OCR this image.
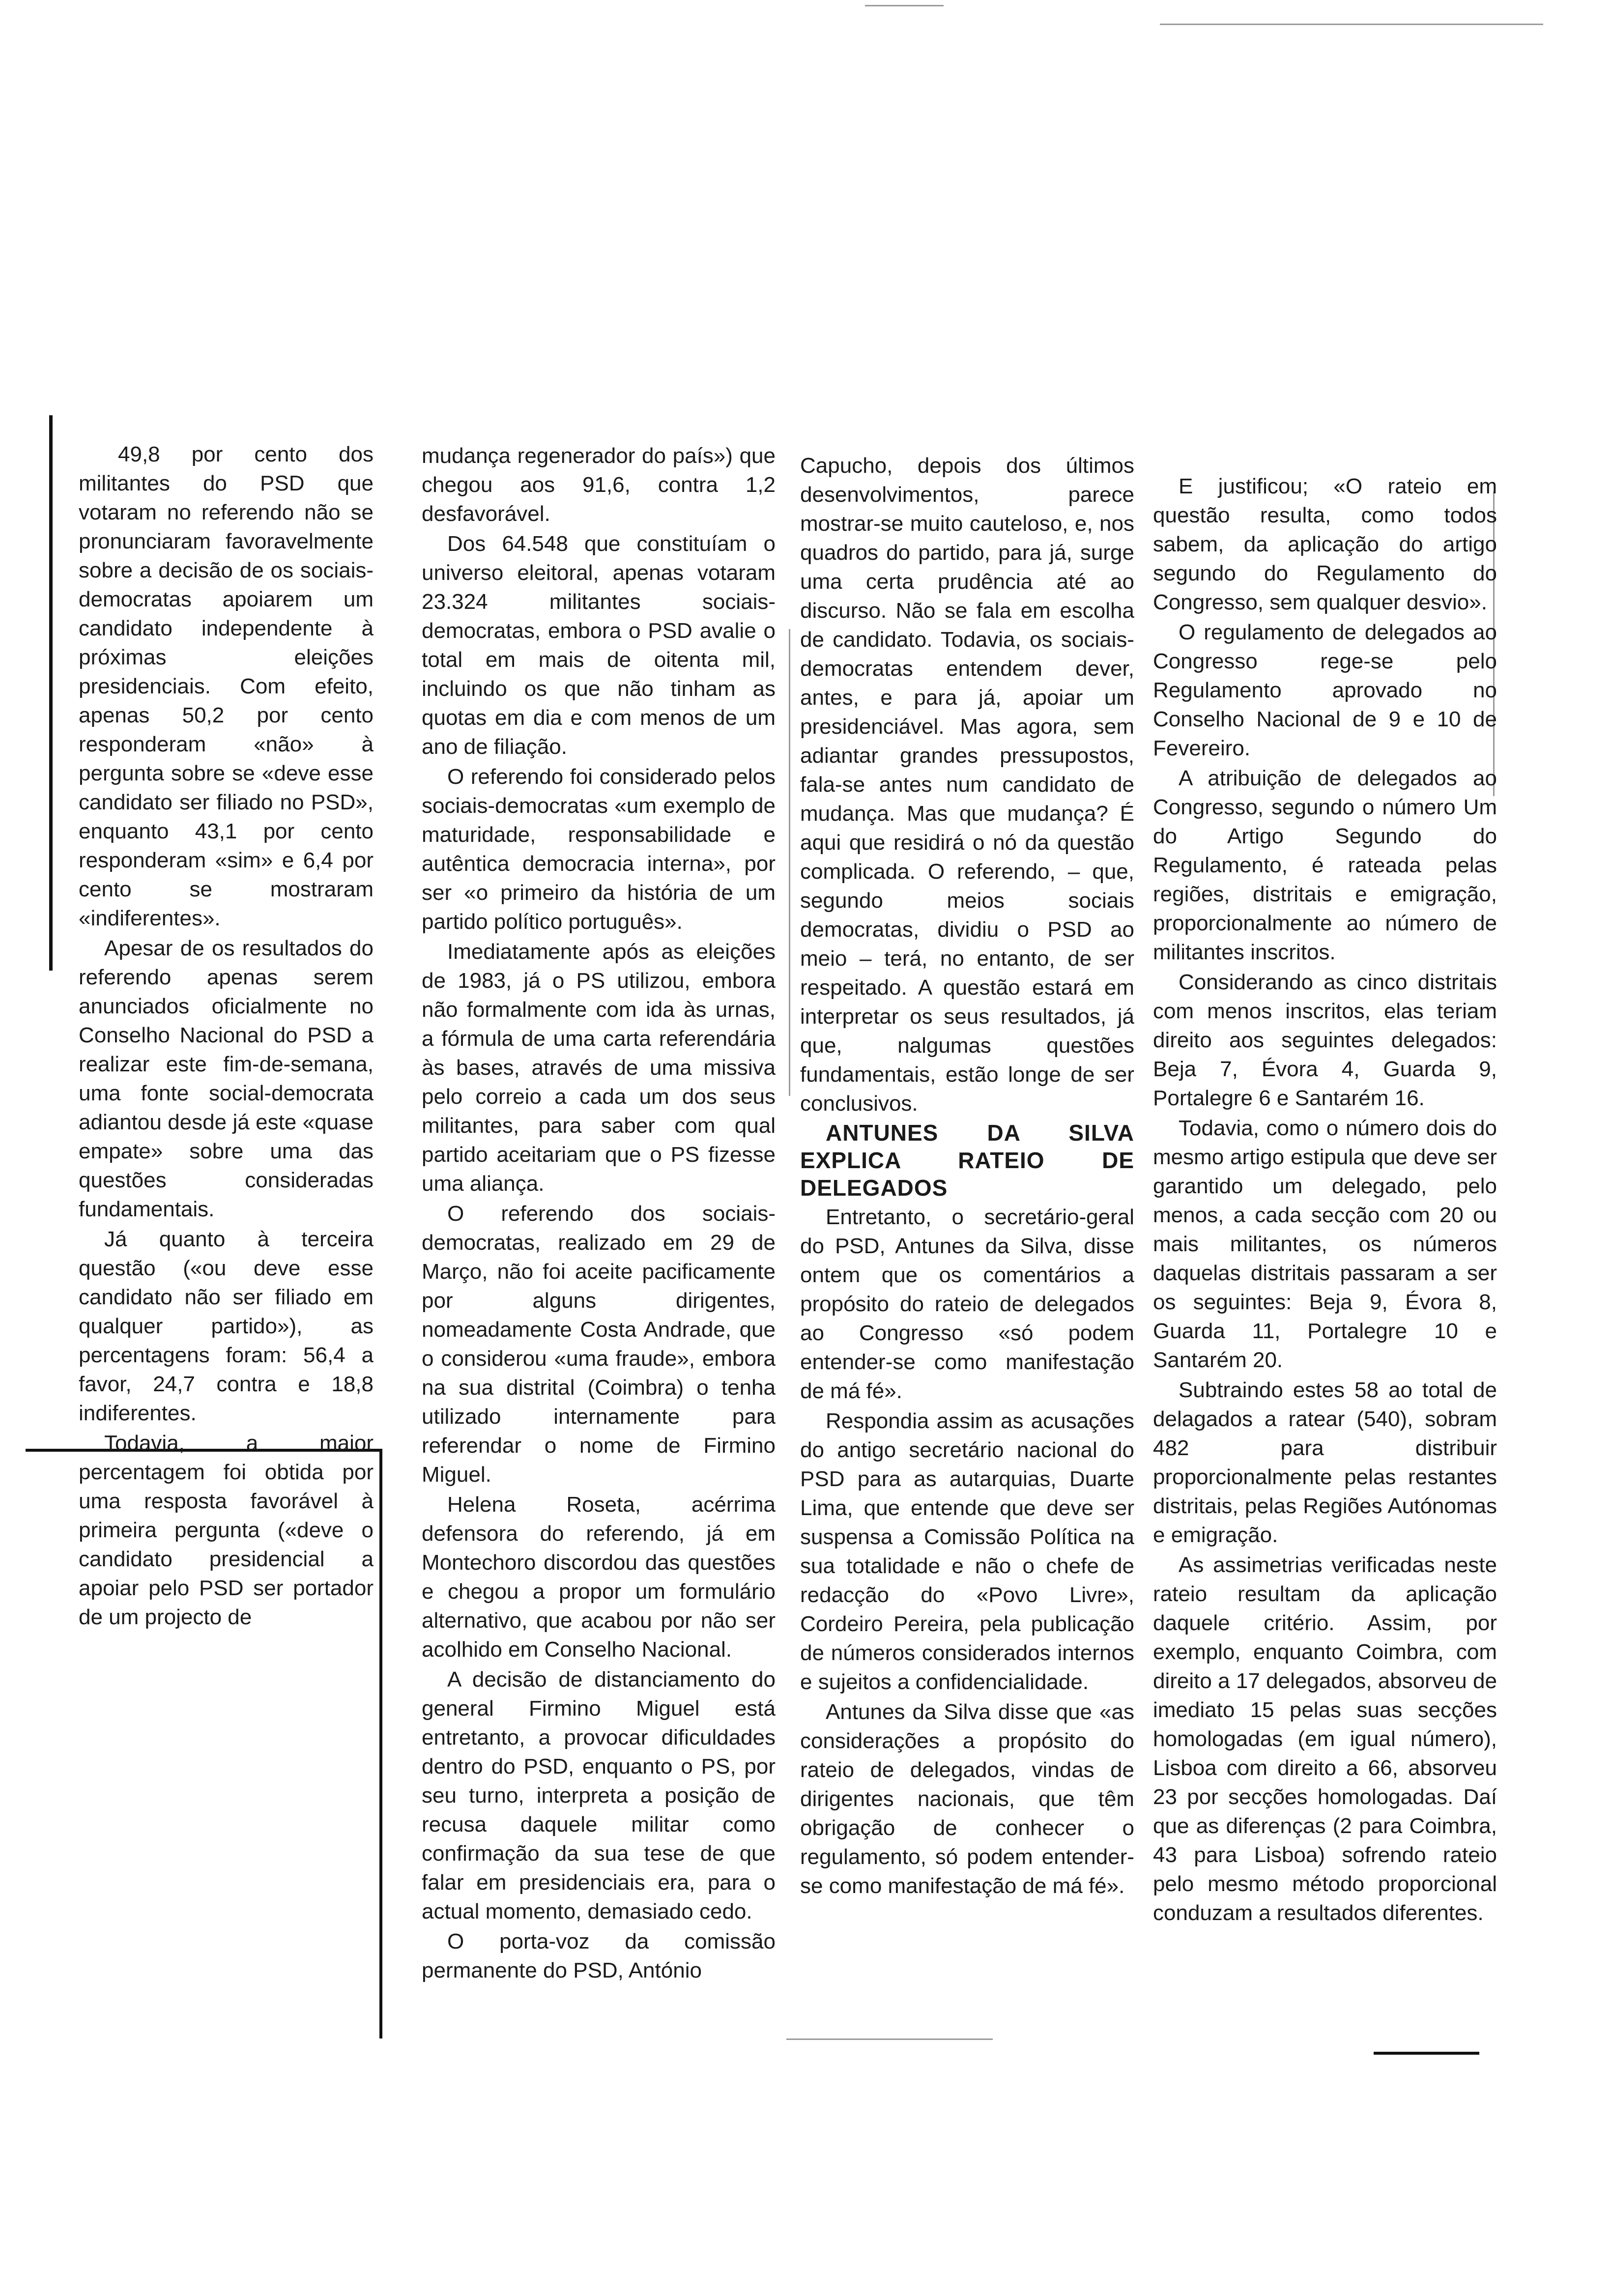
49,8 por cento dos militantes do PSD que votaram no referendo não se pronunciaram favoravelmente sobre a decisão de os sociais-democratas apoiarem um candidato independente à próximas eleições presidenciais. Com efeito, apenas 50,2 por cento responderam «não» à pergunta sobre se «deve esse candidato ser filiado no PSD», enquanto 43,1 por cento responderam «sim» e 6,4 por cento se mostraram «indiferentes».

Apesar de os resultados do referendo apenas serem anunciados oficialmente no Conselho Nacional do PSD a realizar este fim-de-semana, uma fonte social-democrata adiantou desde já este «quase empate» sobre uma das questões consideradas fundamentais.

Já quanto à terceira questão («ou deve esse candidato não ser filiado em qualquer partido»), as percentagens foram: 56,4 a favor, 24,7 contra e 18,8 indiferentes.

Todavia, a maior percentagem foi obtida por uma resposta favorável à primeira pergunta («deve o candidato presidencial a apoiar pelo PSD ser portador de um projecto de

mudança regenerador do país») que chegou aos 91,6, contra 1,2 desfavorável.

Dos 64.548 que constituíam o universo eleitoral, apenas votaram 23.324 militantes sociais-democratas, embora o PSD avalie o total em mais de oitenta mil, incluindo os que não tinham as quotas em dia e com menos de um ano de filiação.

O referendo foi considerado pelos sociais-democratas «um exemplo de maturidade, responsabilidade e autêntica democracia interna», por ser «o primeiro da história de um partido político português».

Imediatamente após as eleições de 1983, já o PS utilizou, embora não formalmente com ida às urnas, a fórmula de uma carta referendária às bases, através de uma missiva pelo correio a cada um dos seus militantes, para saber com qual partido aceitariam que o PS fizesse uma aliança.

O referendo dos sociais-democratas, realizado em 29 de Março, não foi aceite pacificamente por alguns dirigentes, nomeadamente Costa Andrade, que o considerou «uma fraude», embora na sua distrital (Coimbra) o tenha utilizado internamente para referendar o nome de Firmino Miguel.

Helena Roseta, acérrima defensora do referendo, já em Montechoro discordou das questões e chegou a propor um formulário alternativo, que acabou por não ser acolhido em Conselho Nacional.

A decisão de distanciamento do general Firmino Miguel está entretanto, a provocar dificuldades dentro do PSD, enquanto o PS, por seu turno, interpreta a posição de recusa daquele militar como confirmação da sua tese de que falar em presidenciais era, para o actual momento, demasiado cedo.

O porta-voz da comissão permanente do PSD, António

Capucho, depois dos últimos desenvolvimentos, parece mostrar-se muito cauteloso, e, nos quadros do partido, para já, surge uma certa prudência até ao discurso. Não se fala em escolha de candidato. Todavia, os sociais-democratas entendem dever, antes, e para já, apoiar um presidenciável. Mas agora, sem adiantar grandes pressupostos, fala-se antes num candidato de mudança. Mas que mudança? É aqui que residirá o nó da questão complicada. O referendo, – que, segundo meios sociais democratas, dividiu o PSD ao meio – terá, no entanto, de ser respeitado. A questão estará em interpretar os seus resultados, já que, nalgumas questões fundamentais, estão longe de ser conclusivos.

ANTUNES DA SILVA EXPLICA RATEIO DE DELEGADOS

Entretanto, o secretário-geral do PSD, Antunes da Silva, disse ontem que os comentários a propósito do rateio de delegados ao Congresso «só podem entender-se como manifestação de má fé».

Respondia assim as acusações do antigo secretário nacional do PSD para as autarquias, Duarte Lima, que entende que deve ser suspensa a Comissão Política na sua totalidade e não o chefe de redacção do «Povo Livre», Cordeiro Pereira, pela publicação de números considerados internos e sujeitos a confidencialidade.

Antunes da Silva disse que «as considerações a propósito do rateio de delegados, vindas de dirigentes nacionais, que têm obrigação de conhecer o regulamento, só podem entender-se como manifestação de má fé».

E justificou; «O rateio em questão resulta, como todos sabem, da aplicação do artigo segundo do Regulamento do Congresso, sem qualquer desvio».

O regulamento de delegados ao Congresso rege-se pelo Regulamento aprovado no Conselho Nacional de 9 e 10 de Fevereiro.

A atribuição de delegados ao Congresso, segundo o número Um do Artigo Segundo do Regulamento, é rateada pelas regiões, distritais e emigração, proporcionalmente ao número de militantes inscritos.

Considerando as cinco distritais com menos inscritos, elas teriam direito aos seguintes delegados: Beja 7, Évora 4, Guarda 9, Portalegre 6 e Santarém 16.

Todavia, como o número dois do mesmo artigo estipula que deve ser garantido um delegado, pelo menos, a cada secção com 20 ou mais militantes, os números daquelas distritais passaram a ser os seguintes: Beja 9, Évora 8, Guarda 11, Portalegre 10 e Santarém 20.

Subtraindo estes 58 ao total de delagados a ratear (540), sobram 482 para distribuir proporcionalmente pelas restantes distritais, pelas Regiões Autónomas e emigração.

As assimetrias verificadas neste rateio resultam da aplicação daquele critério. Assim, por exemplo, enquanto Coimbra, com direito a 17 delegados, absorveu de imediato 15 pelas suas secções homologadas (em igual número), Lisboa com direito a 66, absorveu 23 por secções homologadas. Daí que as diferenças (2 para Coimbra, 43 para Lisboa) sofrendo rateio pelo mesmo método proporcional conduzam a resultados diferentes.
